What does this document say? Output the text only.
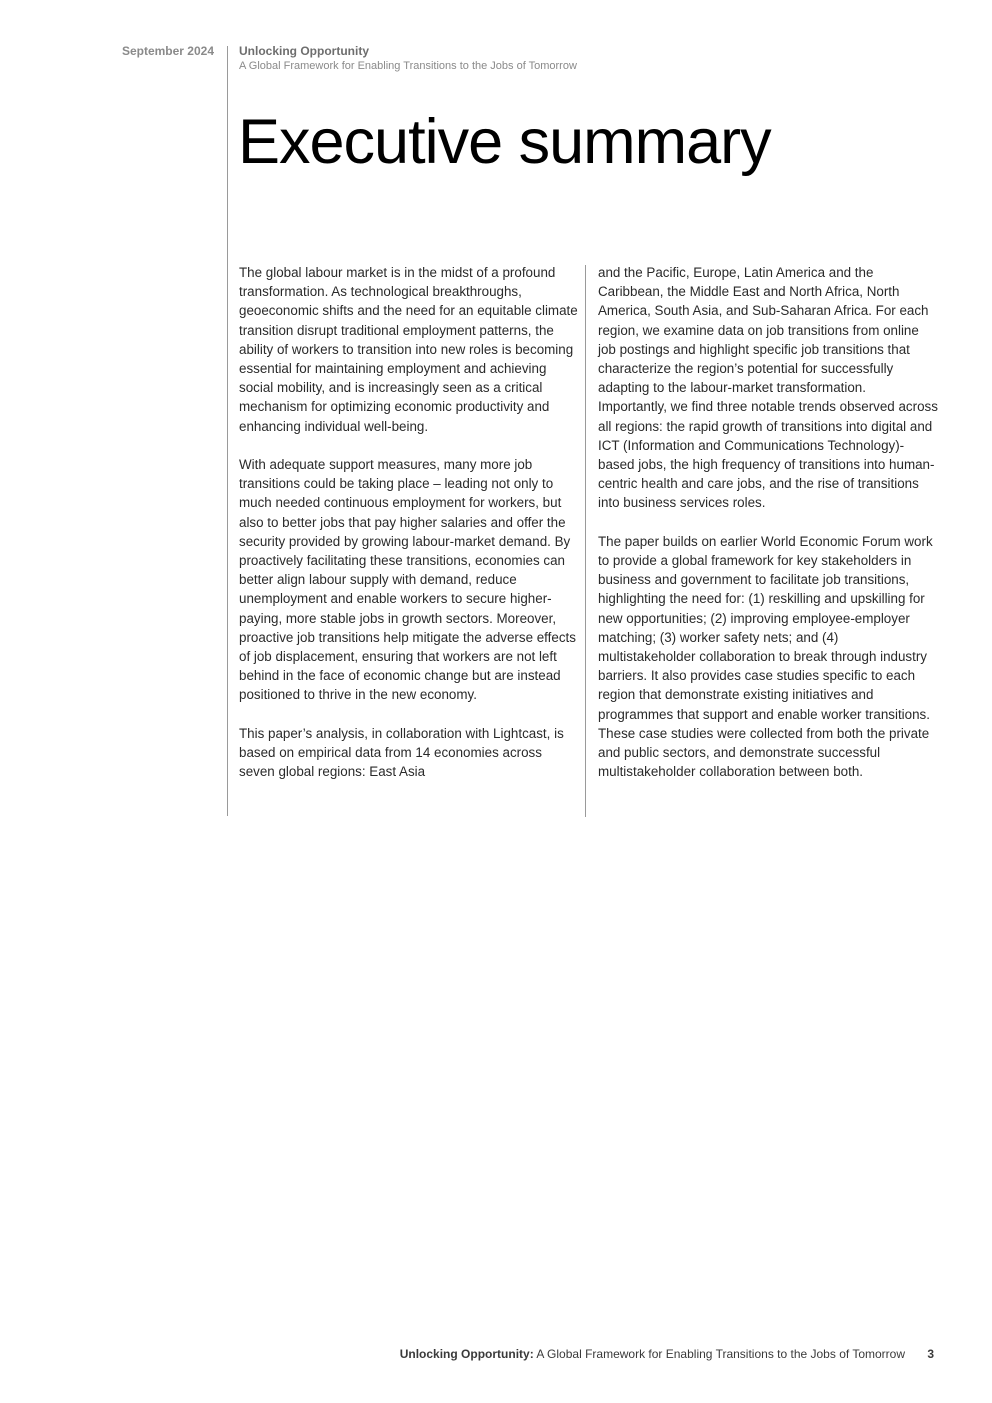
September 2024 Unlocking Opportunity
A Global Framework for Enabling Transitions to the Jobs of Tomorrow
Executive summary

The global labour market is in the midst of a profound transformation. As technological breakthroughs, geoeconomic shifts and the need for an equitable climate transition disrupt traditional employment patterns, the ability of workers to transition into new roles is becoming essential for maintaining employment and achieving social mobility, and is increasingly seen as a critical mechanism for optimizing economic productivity and enhancing individual well-being.

With adequate support measures, many more job transitions could be taking place – leading not only to much needed continuous employment for workers, but also to better jobs that pay higher salaries and offer the security provided by growing labour-market demand. By proactively facilitating these transitions, economies can better align labour supply with demand, reduce unemployment and enable workers to secure higher-paying, more stable jobs in growth sectors. Moreover, proactive job transitions help mitigate the adverse effects of job displacement, ensuring that workers are not left behind in the face of economic change but are instead positioned to thrive in the new economy.

This paper’s analysis, in collaboration with Lightcast, is based on empirical data from 14 economies across seven global regions: East Asia

and the Pacific, Europe, Latin America and the Caribbean, the Middle East and North Africa, North America, South Asia, and Sub-Saharan Africa. For each region, we examine data on job transitions from online job postings and highlight specific job transitions that characterize the region’s potential for successfully adapting to the labour-market transformation. Importantly, we find three notable trends observed across all regions: the rapid growth of transitions into digital and ICT (Information and Communications Technology)-based jobs, the high frequency of transitions into human-centric health and care jobs, and the rise of transitions into business services roles.

The paper builds on earlier World Economic Forum work to provide a global framework for key stakeholders in business and government to facilitate job transitions, highlighting the need for: (1) reskilling and upskilling for new opportunities; (2) improving employee-employer matching; (3) worker safety nets; and (4) multistakeholder collaboration to break through industry barriers. It also provides case studies specific to each region that demonstrate existing initiatives and programmes that support and enable worker transitions. These case studies were collected from both the private and public sectors, and demonstrate successful multistakeholder collaboration between both.

Unlocking Opportunity: A Global Framework for Enabling Transitions to the Jobs of Tomorrow	3
